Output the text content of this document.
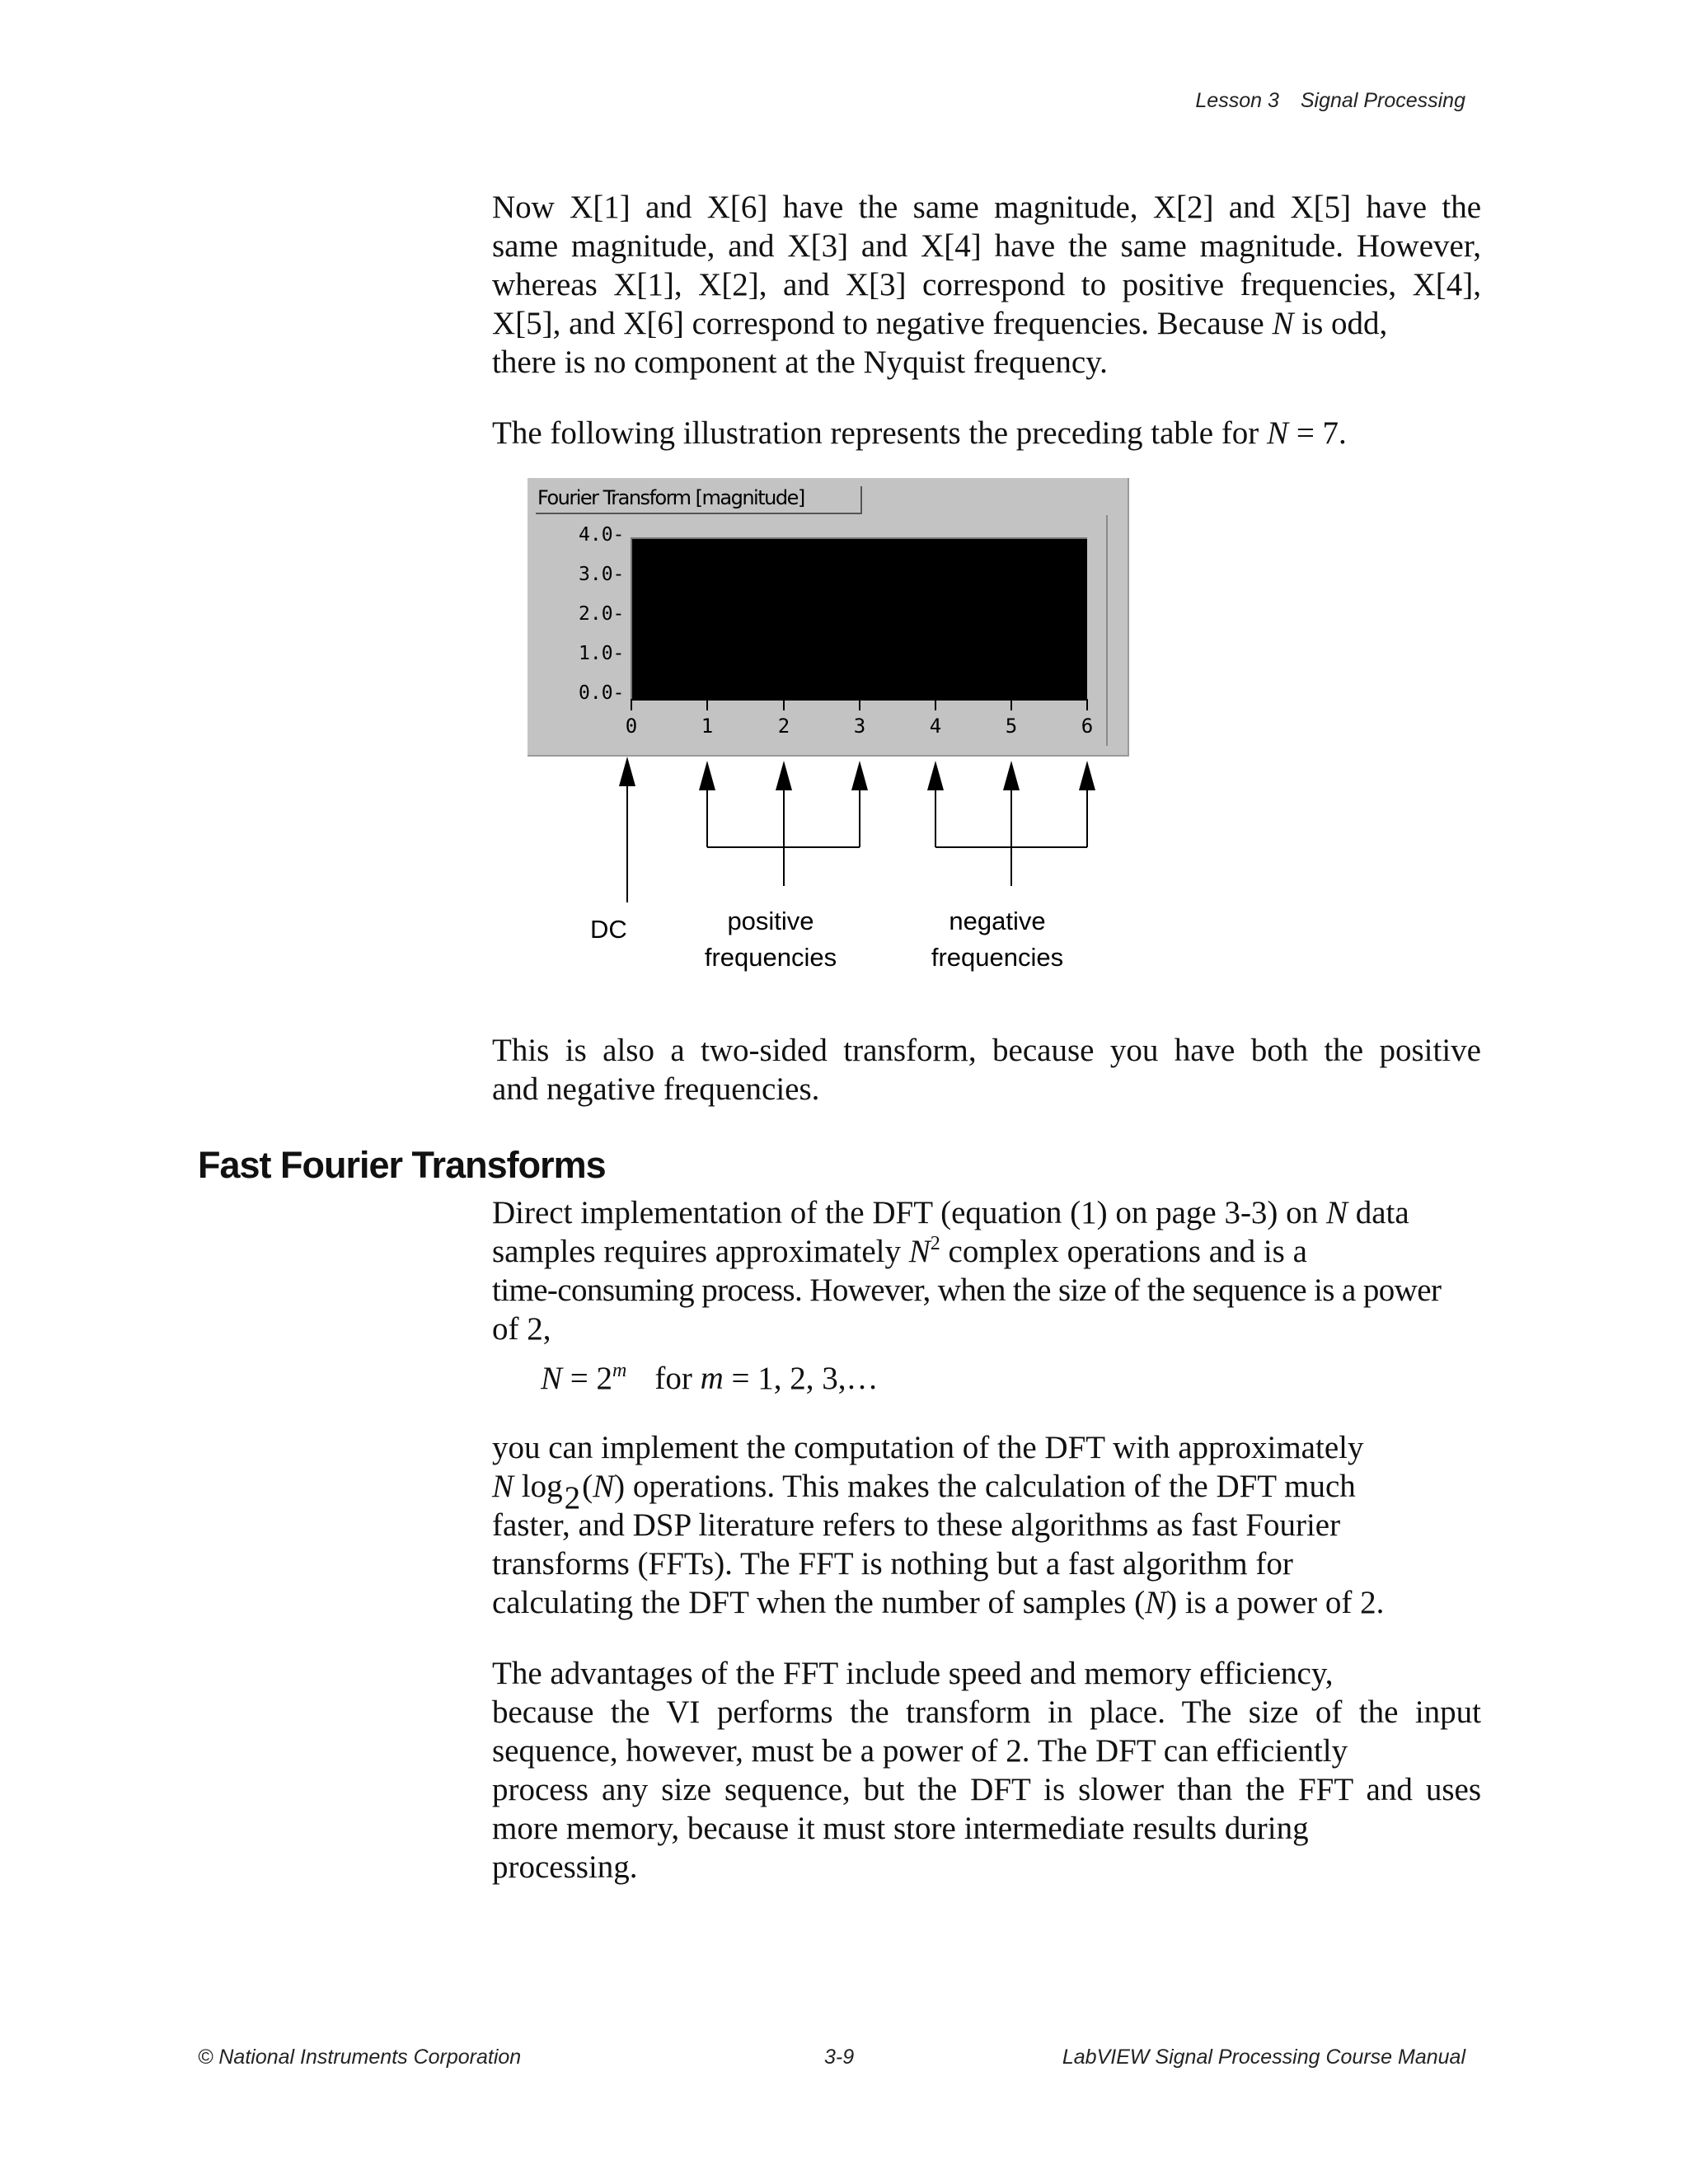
Lesson 3 Signal Processing

Now X[1] and X[6] have the same magnitude, X[2] and X[5] have the
same magnitude, and X[3] and X[4] have the same magnitude. However,
whereas X[1], X[2], and X[3] correspond to positive frequencies, X[4],
X[5], and X[6] correspond to negative frequencies. Because N is odd,
there is no component at the Nyquist frequency.

The following illustration represents the preceding table for N = 7.

Fourier Transform [magnitude]
4.0-
3.0-
2.0-
1.0-
0.0-
0	1	2	3	4	5	6
DC	positive
frequencies
negative
frequencies

This is also a two-sided transform, because you have both the positive
and negative frequencies.

Fast Fourier Transforms

Direct implementation of the DFT (equation (1) on page 3-3) on N data
samples requires approximately $N^2$ complex operations and is a
time-consuming process. However, when the size of the sequence is a power
of 2,

$N = 2^m$ for m = 1, 2, 3,…

you can implement the computation of the DFT with approximately
N log2(N) operations. This makes the calculation of the DFT much
faster, and DSP literature refers to these algorithms as fast Fourier
transforms (FFTs). The FFT is nothing but a fast algorithm for
calculating the DFT when the number of samples (N) is a power of 2.

The advantages of the FFT include speed and memory efficiency,
because the VI performs the transform in place. The size of the input
sequence, however, must be a power of 2. The DFT can efficiently
process any size sequence, but the DFT is slower than the FFT and uses
more memory, because it must store intermediate results during
processing.

© National Instruments Corporation	3-9	LabVIEW Signal Processing Course Manual
